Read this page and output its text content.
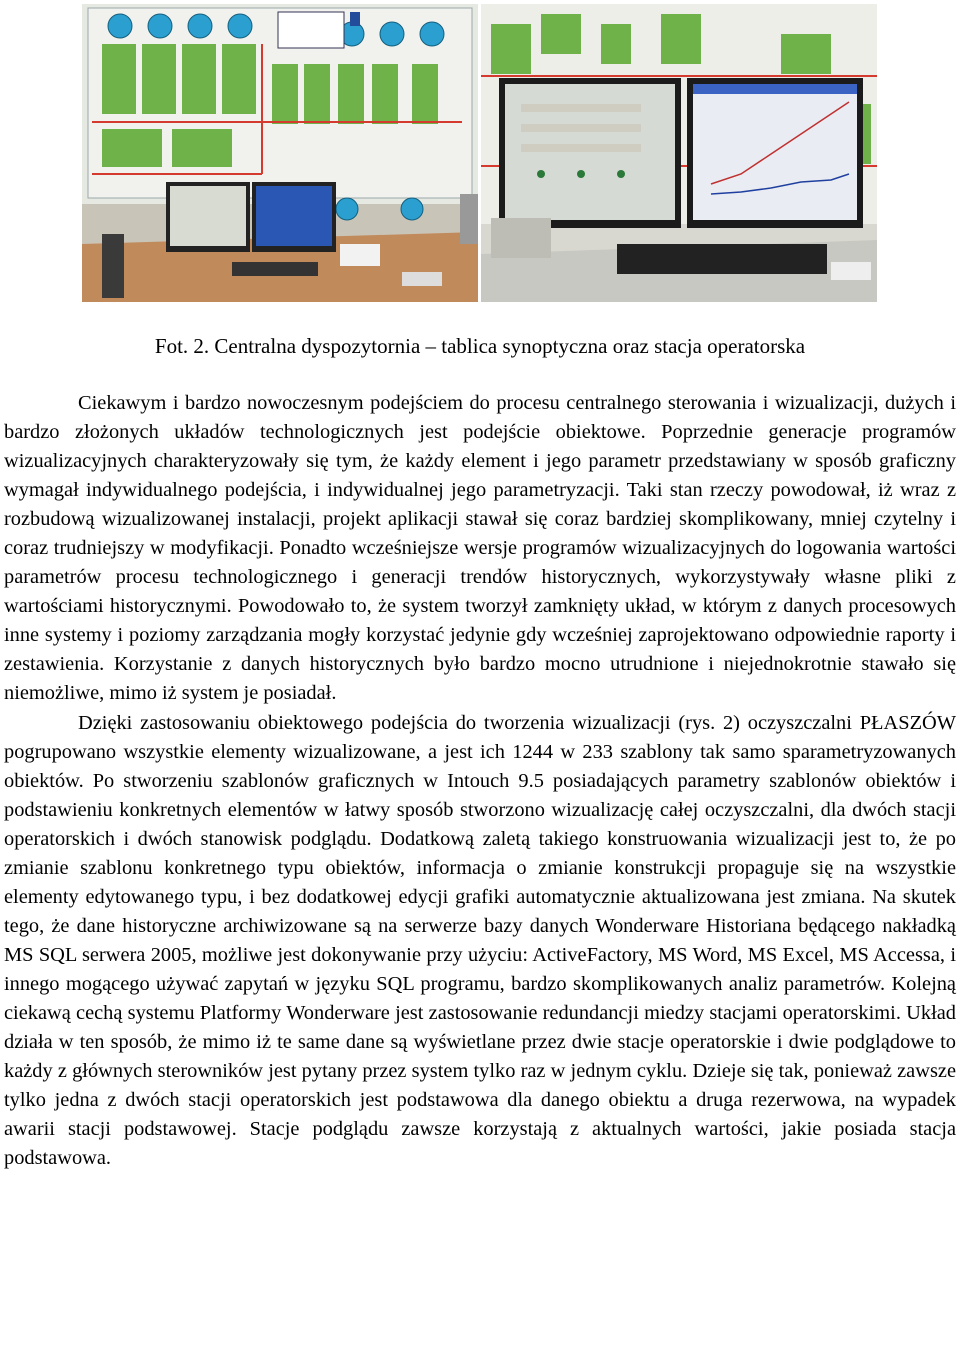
Fot. 2. Centralna dyspozytornia – tablica synoptyczna oraz stacja operatorska

Ciekawym i bardzo nowoczesnym podejściem do procesu centralnego sterowania i wizualizacji, dużych i bardzo złożonych układów technologicznych jest podejście obiektowe. Poprzednie generacje programów wizualizacyjnych charakteryzowały się tym, że każdy element i jego parametr przedstawiany w sposób graficzny wymagał indywidualnego podejścia, i indywidualnej jego parametryzacji. Taki stan rzeczy powodował, iż wraz z rozbudową wizualizowanej instalacji, projekt aplikacji stawał się coraz bardziej skomplikowany, mniej czytelny i coraz trudniejszy w modyfikacji. Ponadto wcześniejsze wersje programów wizualizacyjnych do logowania wartości parametrów procesu technologicznego i generacji trendów historycznych, wykorzystywały własne pliki z wartościami historycznymi. Powodowało to, że system tworzył zamknięty układ, w którym z danych procesowych inne systemy i poziomy zarządzania mogły korzystać jedynie gdy wcześniej zaprojektowano odpowiednie raporty i zestawienia. Korzystanie z danych historycznych było bardzo mocno utrudnione i niejednokrotnie stawało się niemożliwe, mimo iż system je posiadał.

Dzięki zastosowaniu obiektowego podejścia do tworzenia wizualizacji (rys. 2) oczyszczalni PŁASZÓW pogrupowano wszystkie elementy wizualizowane, a jest ich 1244 w 233 szablony tak samo sparametryzowanych obiektów. Po stworzeniu szablonów graficznych w Intouch 9.5 posiadających parametry szablonów obiektów i podstawieniu konkretnych elementów w łatwy sposób stworzono wizualizację całej oczyszczalni, dla dwóch stacji operatorskich i dwóch stanowisk podglądu. Dodatkową zaletą takiego konstruowania wizualizacji jest to, że po zmianie szablonu konkretnego typu obiektów, informacja o zmianie konstrukcji propaguje się na wszystkie elementy edytowanego typu, i bez dodatkowej edycji grafiki automatycznie aktualizowana jest zmiana. Na skutek tego, że dane historyczne archiwizowane są na serwerze bazy danych Wonderware Historiana będącego nakładką MS SQL serwera 2005, możliwe jest dokonywanie przy użyciu: ActiveFactory, MS Word, MS Excel, MS Accessa, i innego mogącego używać zapytań w języku SQL programu, bardzo skomplikowanych analiz parametrów. Kolejną ciekawą cechą systemu Platformy Wonderware jest zastosowanie redundancji miedzy stacjami operatorskimi. Układ działa w ten sposób, że mimo iż te same dane są wyświetlane przez dwie stacje operatorskie i dwie podglądowe to każdy z głównych sterowników jest pytany przez system tylko raz w jednym cyklu. Dzieje się tak, ponieważ zawsze tylko jedna z dwóch stacji operatorskich jest podstawowa dla danego obiektu a druga rezerwowa, na wypadek awarii stacji podstawowej. Stacje podglądu zawsze korzystają z aktualnych wartości, jakie posiada stacja podstawowa.
